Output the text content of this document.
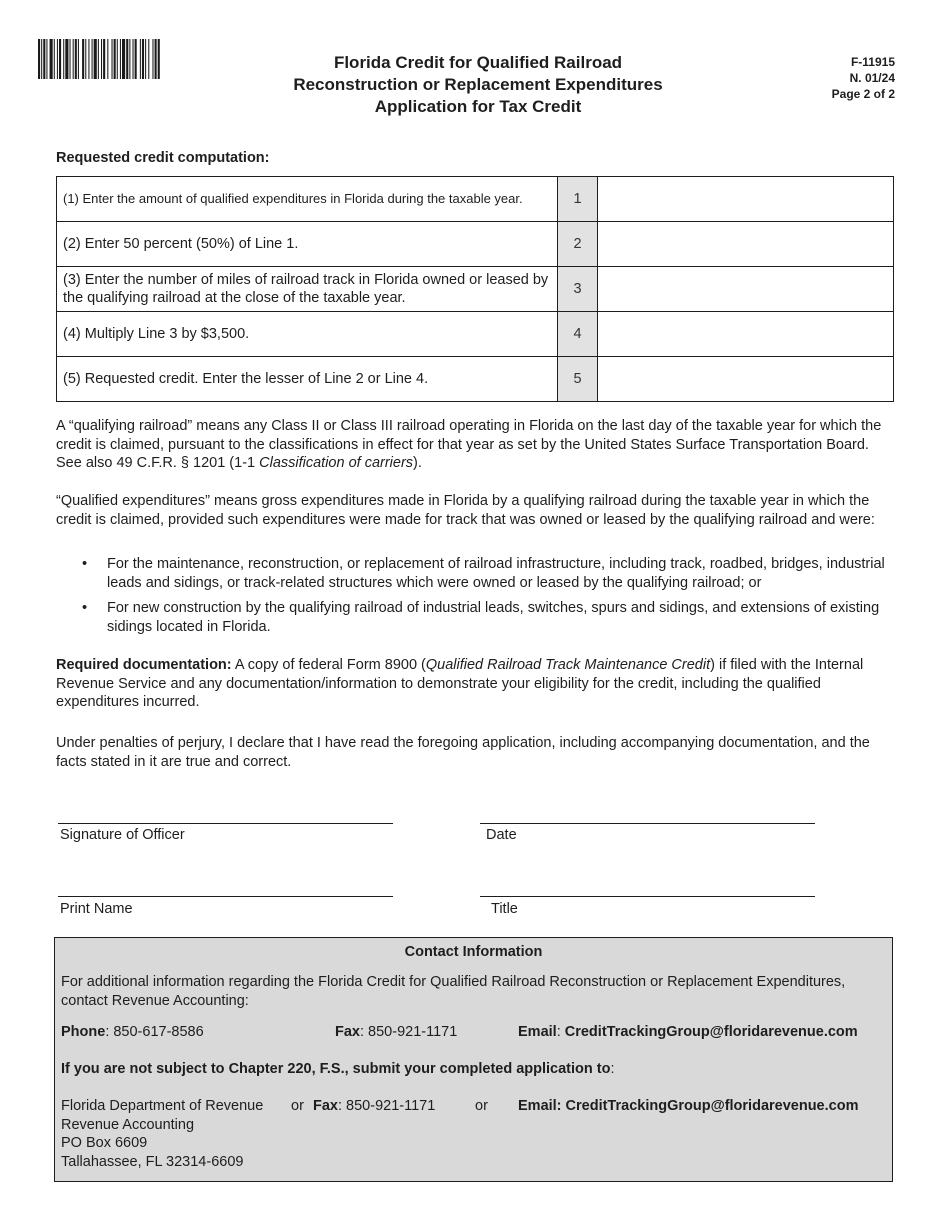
Florida Credit for Qualified Railroad
Reconstruction or Replacement Expenditures
Application for Tax Credit
F-11915
N. 01/24
Page 2 of 2
Requested credit computation:
(1) Enter the amount of qualified expenditures in Florida during the taxable year.	1	
(2) Enter 50 percent (50%) of Line 1.	2	
(3) Enter the number of miles of railroad track in Florida owned or leased by the qualifying railroad at the close of the taxable year.	3	
(4) Multiply Line 3 by $3,500.	4	
(5) Requested credit. Enter the lesser of Line 2 or Line 4.	5	

A “qualifying railroad” means any Class II or Class III railroad operating in Florida on the last day of the taxable year for which the credit is claimed, pursuant to the classifications in effect for that year as set by the United States Surface Transportation Board. See also 49 C.F.R. § 1201 (1-1 Classification of carriers).

“Qualified expenditures” means gross expenditures made in Florida by a qualifying railroad during the taxable year in which the credit is claimed, provided such expenditures were made for track that was owned or leased by the qualifying railroad and were:

• For the maintenance, reconstruction, or replacement of railroad infrastructure, including track, roadbed, bridges, industrial leads and sidings, or track-related structures which were owned or leased by the qualifying railroad; or
• For new construction by the qualifying railroad of industrial leads, switches, spurs and sidings, and extensions of existing sidings located in Florida.

Required documentation: A copy of federal Form 8900 (Qualified Railroad Track Maintenance Credit) if filed with the Internal Revenue Service and any documentation/information to demonstrate your eligibility for the credit, including the qualified expenditures incurred.

Under penalties of perjury, I declare that I have read the foregoing application, including accompanying documentation, and the facts stated in it are true and correct.

Signature of Officer	Date
Print Name	Title
Contact Information
For additional information regarding the Florida Credit for Qualified Railroad Reconstruction or Replacement Expenditures, contact Revenue Accounting:
Phone: 850-617-8586	Fax: 850-921-1171	Email: CreditTrackingGroup@floridarevenue.com
If you are not subject to Chapter 220, F.S., submit your completed application to:
Florida Department of Revenue
Revenue Accounting
PO Box 6609
Tallahassee, FL 32314-6609
or Fax: 850-921-1171	or Email: CreditTrackingGroup@floridarevenue.com
